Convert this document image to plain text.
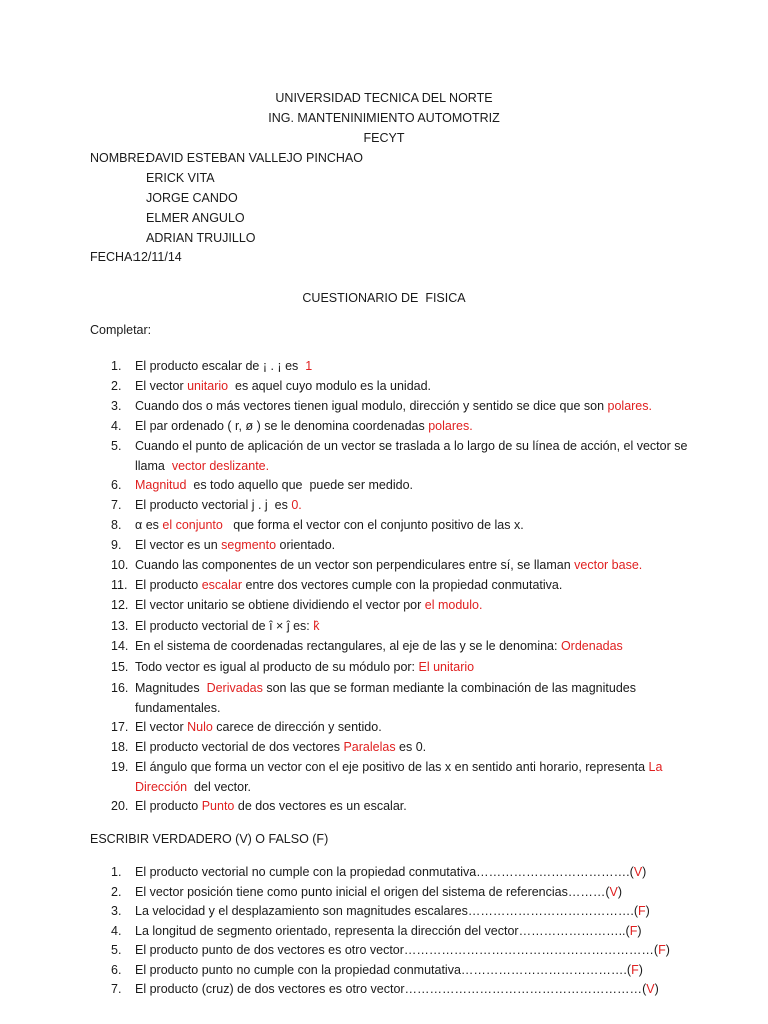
UNIVERSIDAD TECNICA DEL NORTE
ING. MANTENINIMIENTO AUTOMOTRIZ
FECYT
NOMBRE:
DAVID ESTEBAN VALLEJO PINCHAO
ERICK VITA
JORGE CANDO
ELMER ANGULO
ADRIAN TRUJILLO
FECHA:
12/11/14
CUESTIONARIO DE  FISICA
Completar:
1. El producto escalar de ¡ . ¡ es  1
2. El vector unitario  es aquel cuyo modulo es la unidad.
3. Cuando dos o más vectores tienen igual modulo, dirección y sentido se dice que son polares.
4. El par ordenado ( r, ø ) se le denomina coordenadas polares.
5. Cuando el punto de aplicación de un vector se traslada a lo largo de su línea de acción, el vector se llama  vector deslizante.
6. Magnitud  es todo aquello que  puede ser medido.
7. El producto vectorial j . j  es 0.
8. α es el conjunto   que forma el vector con el conjunto positivo de las x.
9. El vector es un segmento orientado.
10. Cuando las componentes de un vector son perpendiculares entre sí, se llaman vector base.
11. El producto escalar entre dos vectores cumple con la propiedad conmutativa.
12. El vector unitario se obtiene dividiendo el vector por el modulo.
13. El producto vectorial de î × ĵ es: k̂
14. En el sistema de coordenadas rectangulares, al eje de las y se le denomina: Ordenadas
15. Todo vector es igual al producto de su módulo por: El unitario
16. Magnitudes  Derivadas son las que se forman mediante la combinación de las magnitudes fundamentales.
17. El vector Nulo carece de dirección y sentido.
18. El producto vectorial de dos vectores Paralelas es 0.
19. El ángulo que forma un vector con el eje positivo de las x en sentido anti horario, representa La Dirección  del vector.
20. El producto Punto de dos vectores es un escalar.
ESCRIBIR VERDADERO (V) O FALSO (F)
1. El producto vectorial no cumple con la propiedad conmutativa……………………………….(V)
2. El vector posición tiene como punto inicial el origen del sistema de referencias………(V)
3. La velocidad y el desplazamiento son magnitudes escalares………………………………….(F)
4. La longitud de segmento orientado, representa la dirección del vector……………………..(F)
5. El producto punto de dos vectores es otro vector……………………………………………………(F)
6. El producto punto no cumple con la propiedad conmutativa………………………………….(F)
7. El producto (cruz) de dos vectores es otro vector…………………………………………………(V)
